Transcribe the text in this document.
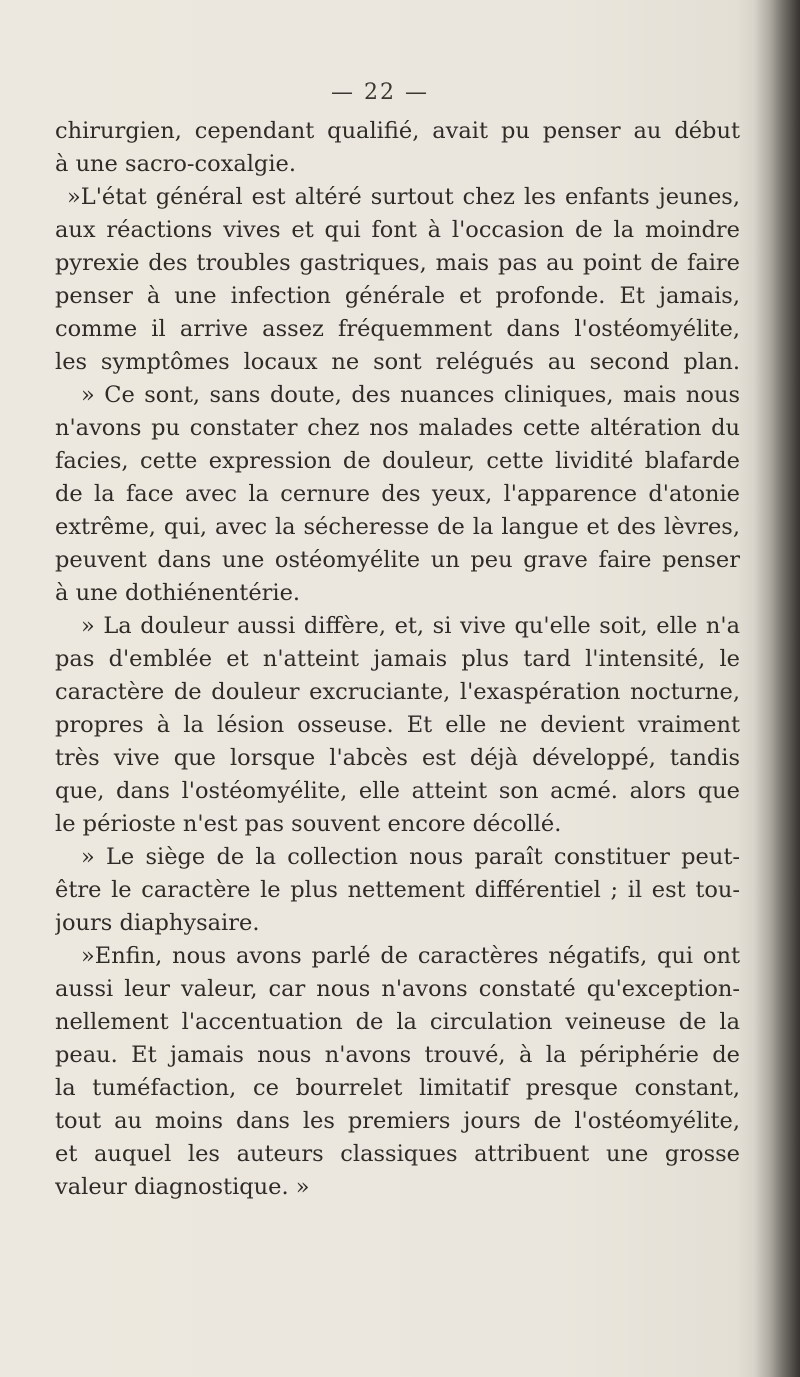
— 22 —
chirurgien, cependant qualifié, avait pu penser au début
à une sacro-coxalgie.
»L'état général est altéré surtout chez les enfants jeunes,
aux réactions vives et qui font à l'occasion de la moindre
pyrexie des troubles gastriques, mais pas au point de faire
penser à une infection générale et profonde. Et jamais,
comme il arrive assez fréquemment dans l'ostéomyélite,
les symptômes locaux ne sont relégués au second plan.
» Ce sont, sans doute, des nuances cliniques, mais nous
n'avons pu constater chez nos malades cette altération du
facies, cette expression de douleur, cette lividité blafarde
de la face avec la cernure des yeux, l'apparence d'atonie
extrême, qui, avec la sécheresse de la langue et des lèvres,
peuvent dans une ostéomyélite un peu grave faire penser
à une dothiénentérie.
» La douleur aussi diffère, et, si vive qu'elle soit, elle n'a
pas d'emblée et n'atteint jamais plus tard l'intensité, le
caractère de douleur excruciante, l'exaspération nocturne,
propres à la lésion osseuse. Et elle ne devient vraiment
très vive que lorsque l'abcès est déjà développé, tandis
que, dans l'ostéomyélite, elle atteint son acmé. alors que
le périoste n'est pas souvent encore décollé.
» Le siège de la collection nous paraît constituer peut-
être le caractère le plus nettement différentiel ; il est tou-
jours diaphysaire.
»Enfin, nous avons parlé de caractères négatifs, qui ont
aussi leur valeur, car nous n'avons constaté qu'exception-
nellement l'accentuation de la circulation veineuse de la
peau. Et jamais nous n'avons trouvé, à la périphérie de
la tuméfaction, ce bourrelet limitatif presque constant,
tout au moins dans les premiers jours de l'ostéomyélite,
et auquel les auteurs classiques attribuent une grosse
valeur diagnostique. »
